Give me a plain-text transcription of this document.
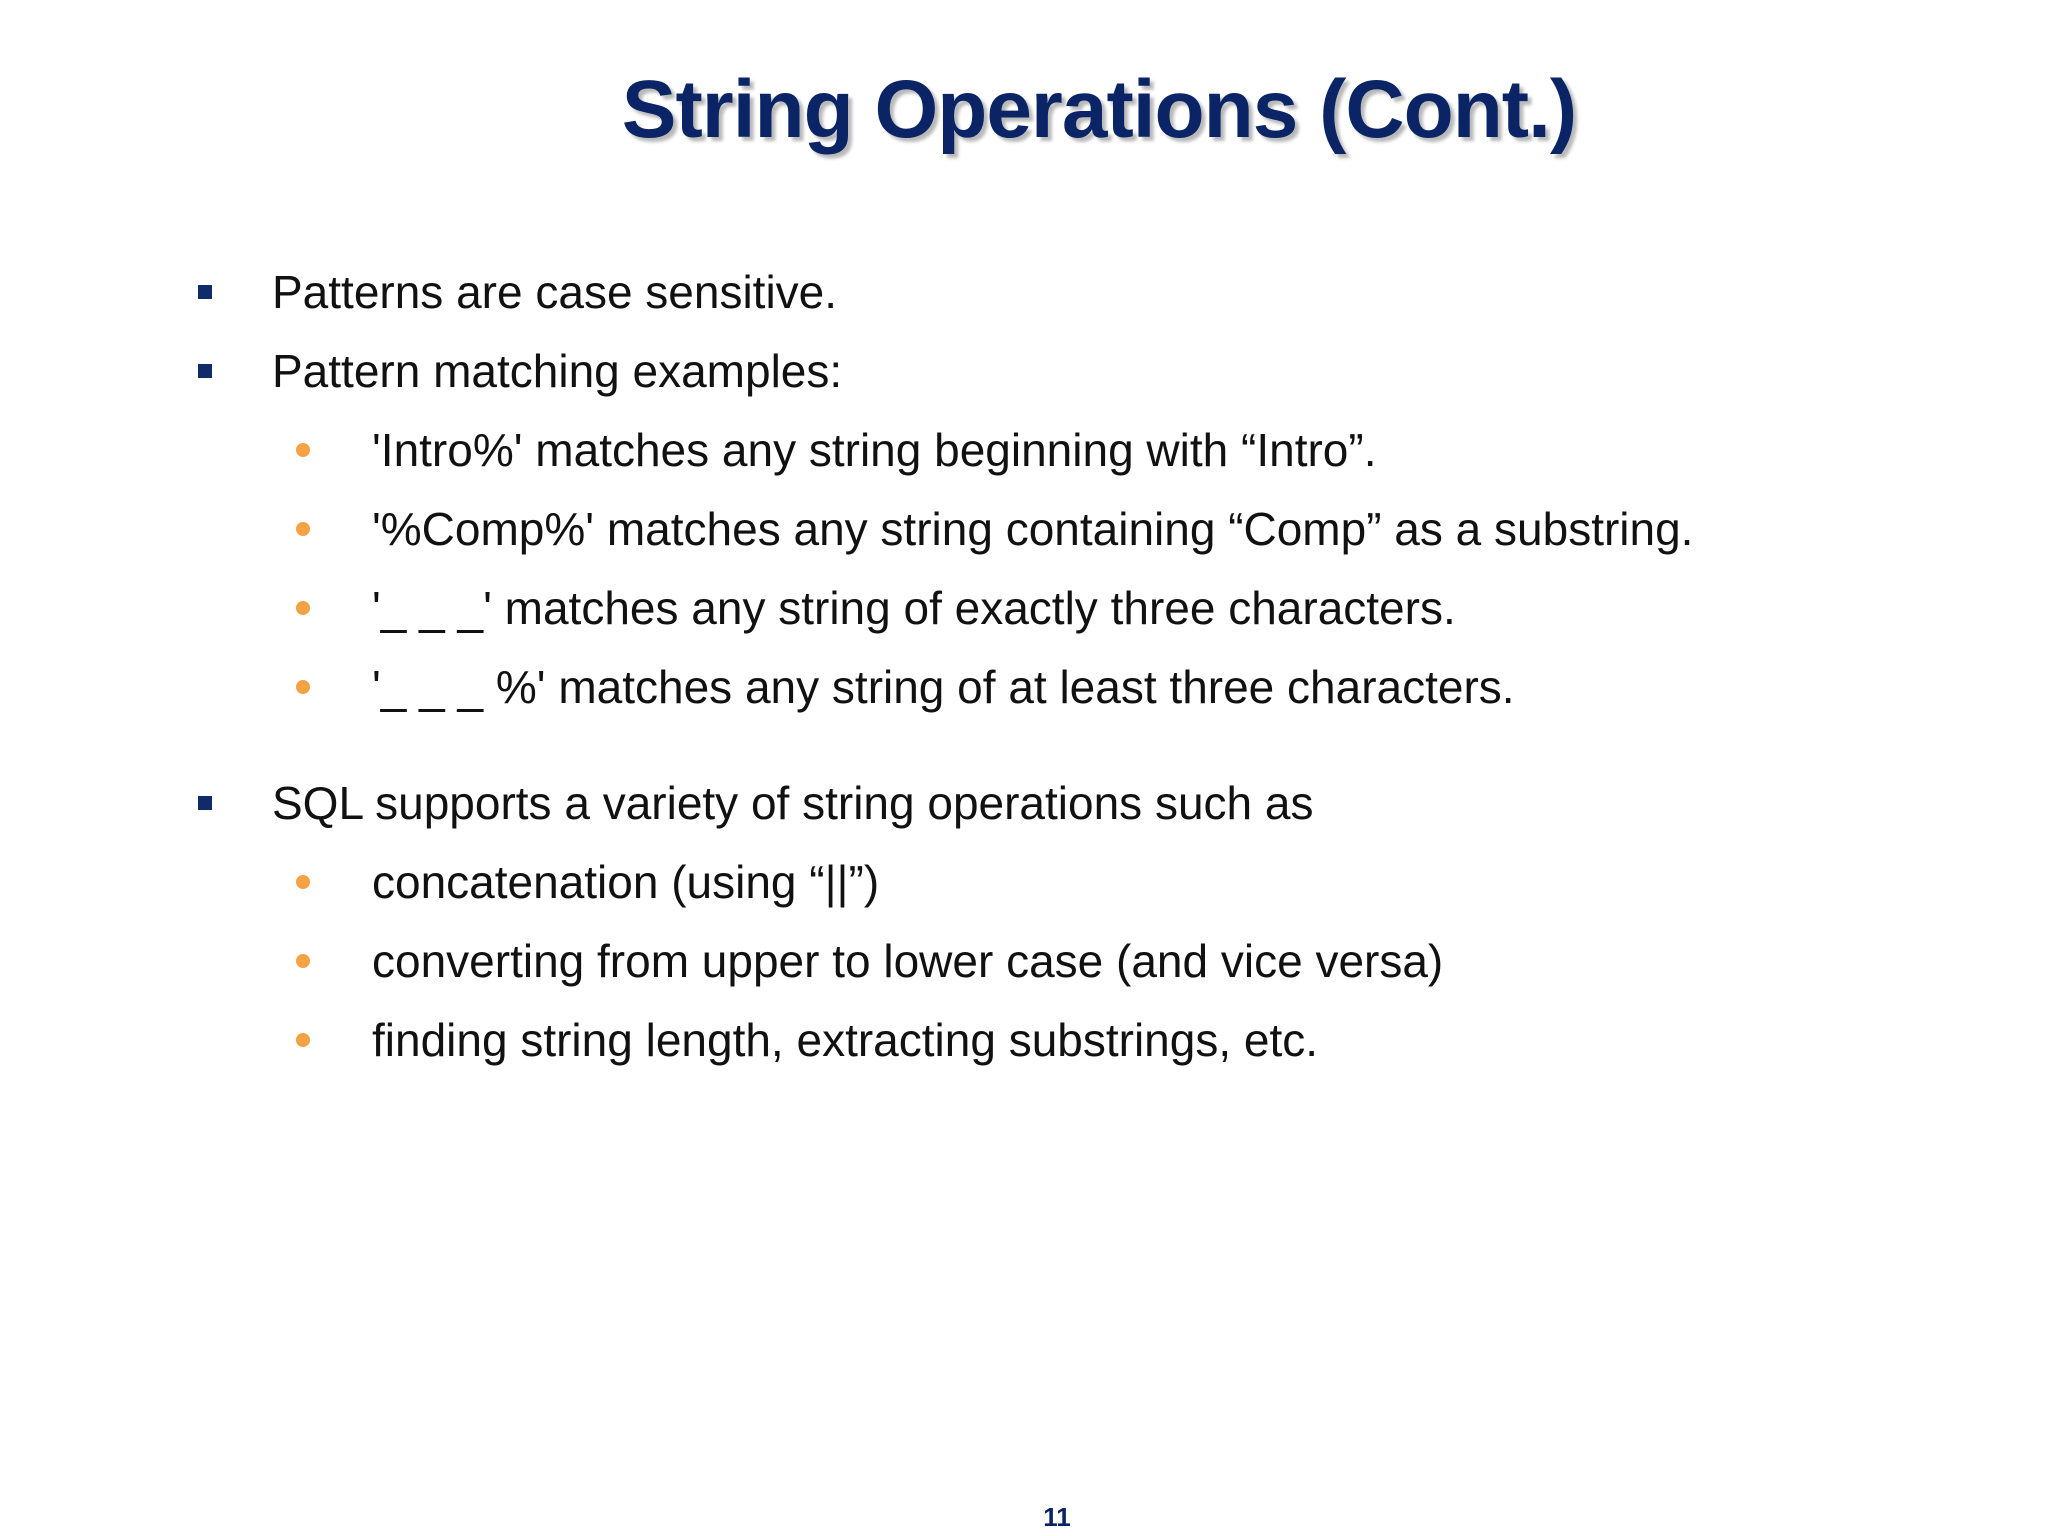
String Operations (Cont.)
Patterns are case sensitive.
Pattern matching examples:
'Intro%' matches any string beginning with “Intro”.
'%Comp%' matches any string containing “Comp” as a substring.
'_ _ _' matches any string of exactly three characters.
'_ _ _ %' matches any string of at least three characters.
SQL supports a variety of string operations such as
concatenation (using “||”)
converting from upper to lower case (and vice versa)
finding string length, extracting substrings, etc.
11
